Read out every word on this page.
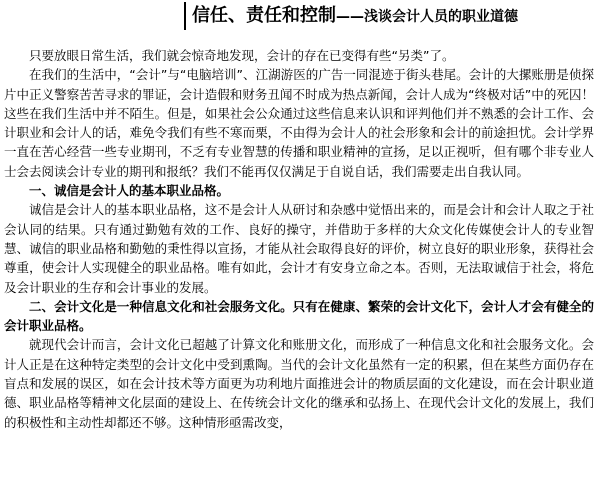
信任、责任和控制——浅谈会计人员的职业道德

只要放眼日常生活，我们就会惊奇地发现，会计的存在已变得有些“另类”了。

在我们的生活中，“会计”与“电脑培训”、江湖游医的广告一同混迹于街头巷尾。会计的大摞账册是侦探片中正义警察苦苦寻求的罪证，会计造假和财务丑闻不时成为热点新闻，会计人成为“终极对话”中的死囚！这些在我们生活中并不陌生。但是，如果社会公众通过这些信息来认识和评判他们并不熟悉的会计工作、会计职业和会计人的话，难免令我们有些不寒而栗，不由得为会计人的社会形象和会计的前途担忧。会计学界一直在苦心经营一些专业期刊，不乏有专业智慧的传播和职业精神的宣扬，足以正视听，但有哪个非专业人士会去阅读会计专业的期刊和报纸？我们不能再仅仅满足于自说自话，我们需要走出自我认同。

一、诚信是会计人的基本职业品格。

诚信是会计人的基本职业品格，这不是会计人从研讨和杂感中觉悟出来的，而是会计和会计人取之于社会认同的结果。只有通过勤勉有效的工作、良好的操守，并借助于多样的大众文化传媒使会计人的专业智慧、诚信的职业品格和勤勉的秉性得以宣扬，才能从社会取得良好的评价，树立良好的职业形象，获得社会尊重，使会计人实现健全的职业品格。唯有如此，会计才有安身立命之本。否则，无法取诚信于社会，将危及会计职业的生存和会计事业的发展。

二、会计文化是一种信息文化和社会服务文化。只有在健康、繁荣的会计文化下，会计人才会有健全的会计职业品格。

就现代会计而言，会计文化已超越了计算文化和账册文化，而形成了一种信息文化和社会服务文化。会计人正是在这种特定类型的会计文化中受到熏陶。当代的会计文化虽然有一定的积累，但在某些方面仍存在盲点和发展的误区，如在会计技术等方面更为功利地片面推进会计的物质层面的文化建设，而在会计职业道德、职业品格等精神文化层面的建设上、在传统会计文化的继承和弘扬上、在现代会计文化的发展上，我们的积极性和主动性却都还不够。这种情形亟需改变，
